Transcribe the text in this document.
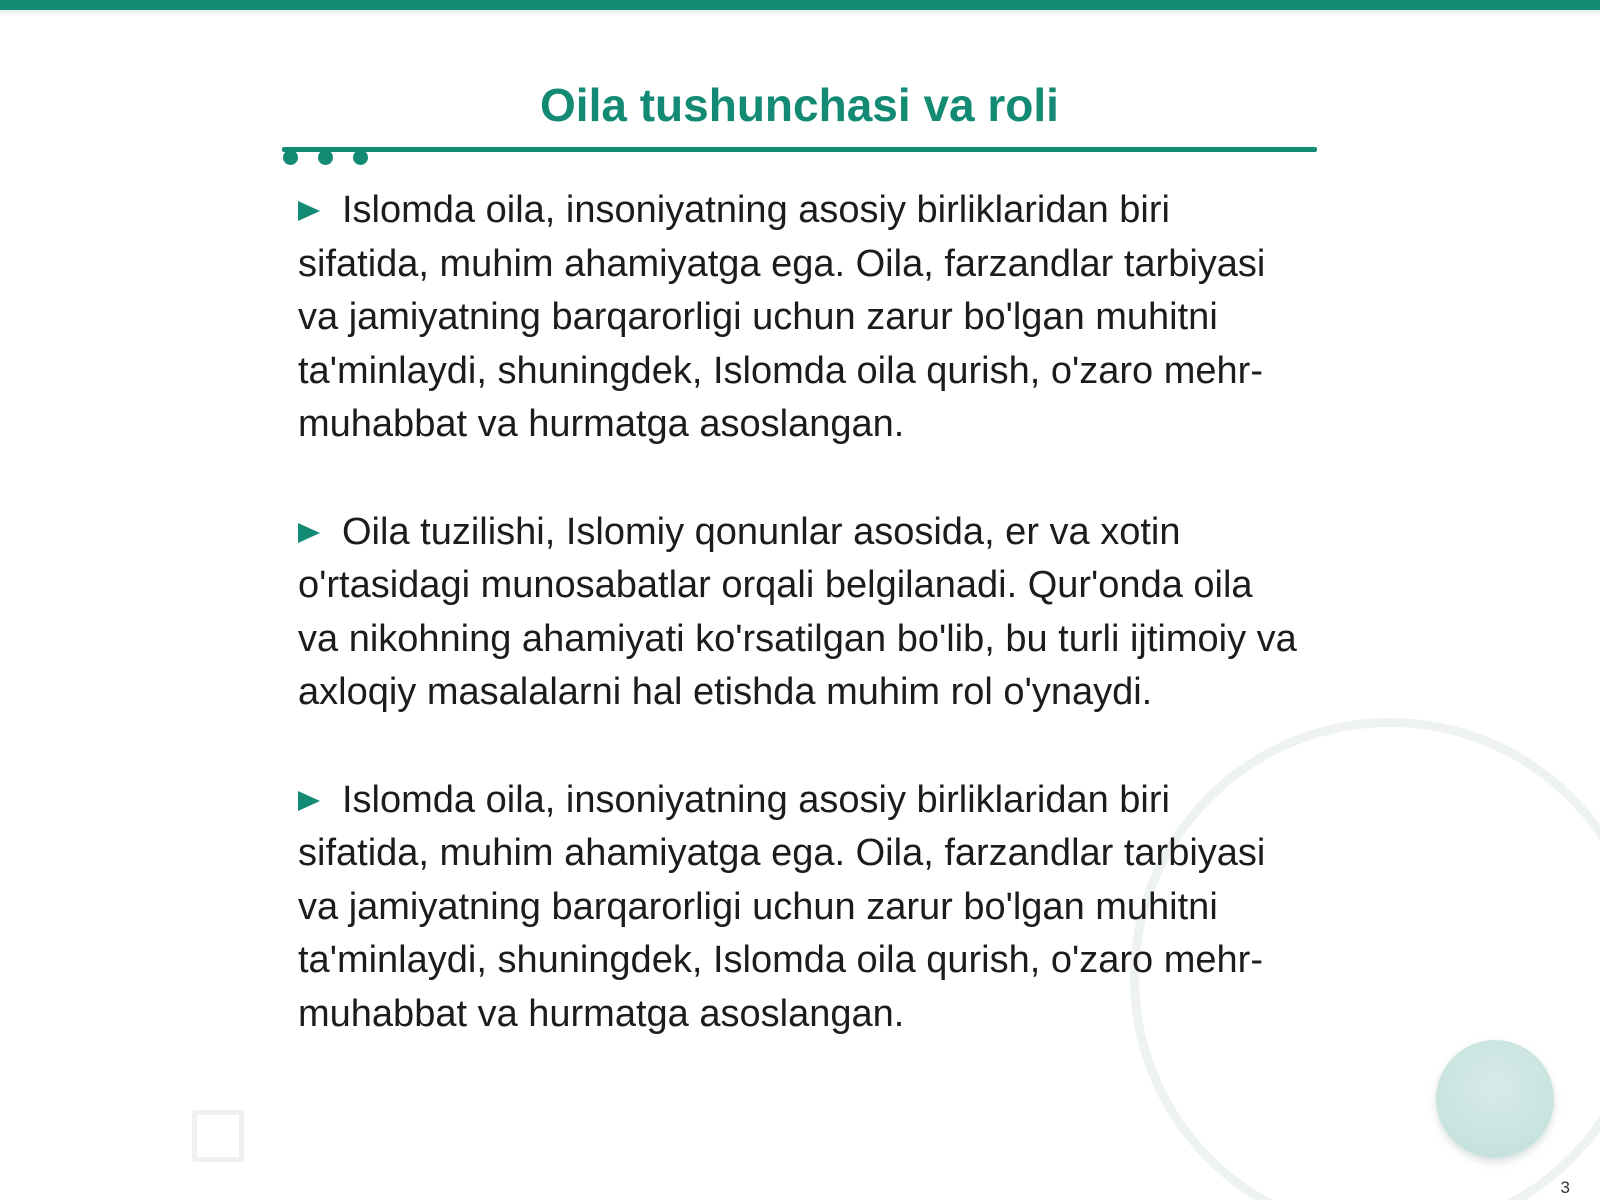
Oila tushunchasi va roli

Islomda oila, insoniyatning asosiy birliklaridan biri sifatida, muhim ahamiyatga ega. Oila, farzandlar tarbiyasi va jamiyatning barqarorligi uchun zarur bo'lgan muhitni ta'minlaydi, shuningdek, Islomda oila qurish, o'zaro mehr-muhabbat va hurmatga asoslangan.

Oila tuzilishi, Islomiy qonunlar asosida, er va xotin o'rtasidagi munosabatlar orqali belgilanadi. Qur'onda oila va nikohning ahamiyati ko'rsatilgan bo'lib, bu turli ijtimoiy va axloqiy masalalarni hal etishda muhim rol o'ynaydi.

Islomda oila, insoniyatning asosiy birliklaridan biri sifatida, muhim ahamiyatga ega. Oila, farzandlar tarbiyasi va jamiyatning barqarorligi uchun zarur bo'lgan muhitni ta'minlaydi, shuningdek, Islomda oila qurish, o'zaro mehr-muhabbat va hurmatga asoslangan.

3
